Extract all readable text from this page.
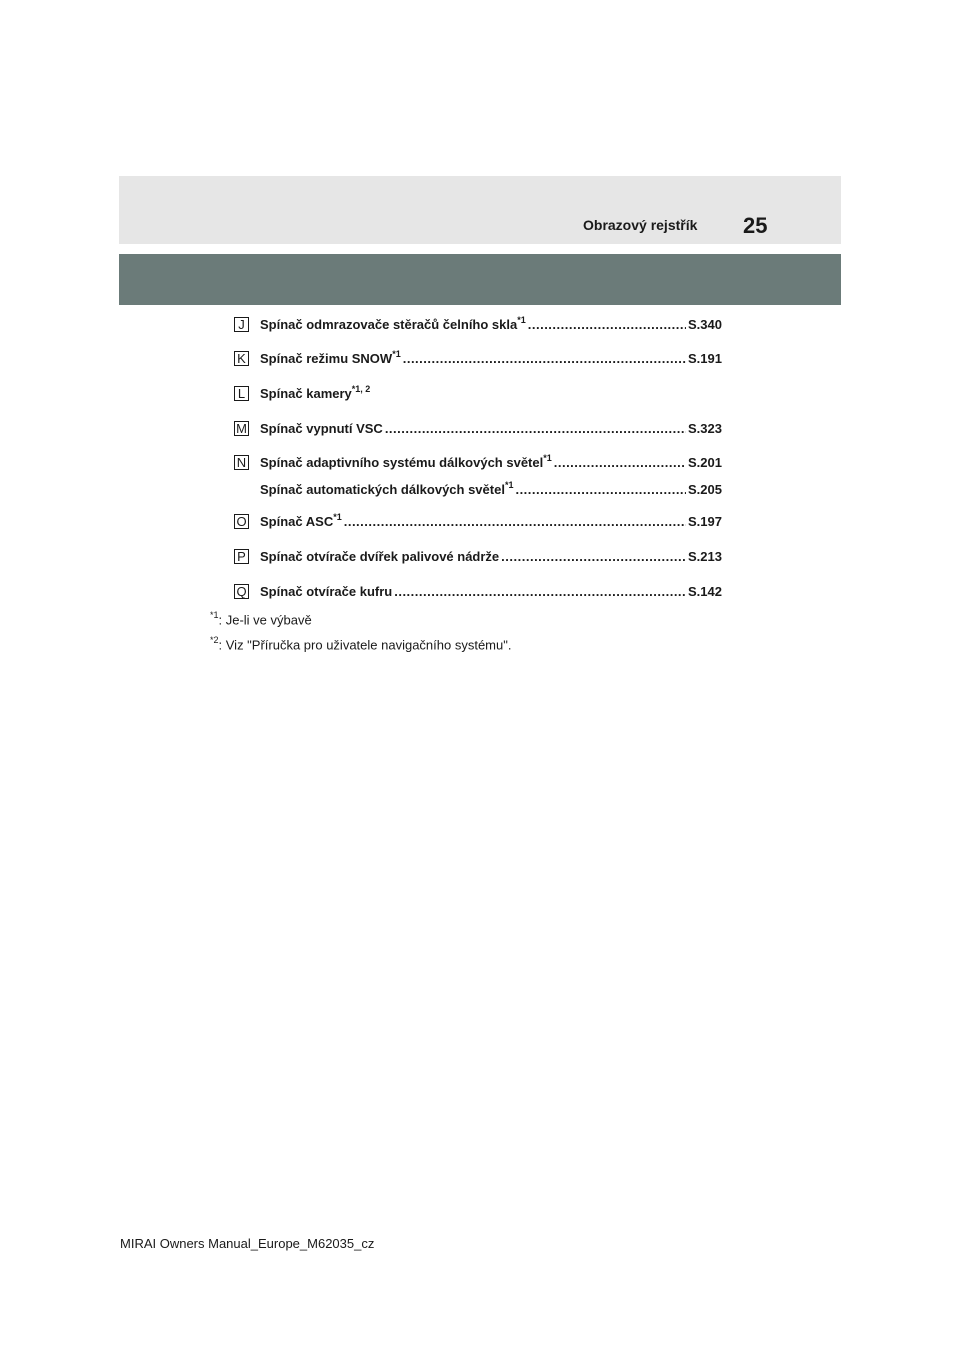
Obrazový rejstřík 25
J	Spínač odmrazovače stěračů čelního skla$^{*1}$ .....	S.340
K Spínač režimu SNOW$^{*1}$ .....	S.191
L Spínač kamery$^{*1, 2}$
M Spínač vypnutí VSC .....	S.323
N Spínač adaptivního systému dálkových světel$^{*1}$ .....	S.201
Spínač automatických dálkových světel$^{*1}$ .....	S.205
O Spínač ASC$^{*1}$ .....	S.197
P Spínač otvírače dvířek palivové nádrže .....	S.213
Q Spínač otvírače kufru .....	S.142
$^{*1}$: Je-li ve výbavě
$^{*2}$: Viz "Příručka pro uživatele navigačního systému".
MIRAI Owners Manual_Europe_M62035_cz
